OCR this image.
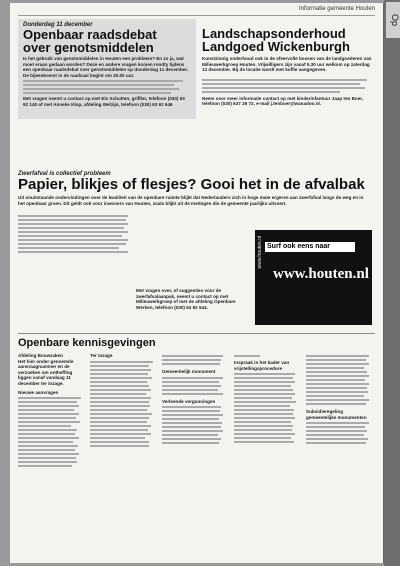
Informatie gemeente Houten
Donderdag 11 december
Openbaar raadsdebat
over genotsmiddelen
Is het gebruik van genotsmiddelen in Houten een probleem? En zo ja, wat moet eraan gedaan worden? Deze en andere vragen komen rondty tijdens een openbaar raadsdebat over genotsmiddelen op donderdag 11 december. De bijeenkomst in de raadzaal begint om 20.00 uur.
Met vragen neemt u contact op met Els Schutten, griffier, telefoon (030) 63 92 140 of met Anneke Klop, afdeling Welzijn, telefoon (030) 63 92 646
Landschapsonderhoud
Landgoed Wickenburgh
Kunstzinnig onderhoud ook in de sfeervolle bossen van de landgoederen van Milieuwerkgroep Houten. Vrijwilligers zijn vanaf 9.30 uur welkom op zaterdag 13 december. Bij de locatie wordt met koffie aangegeven.
Neem voor meer informatie contact op met kinderinfantuur Jaap ten Boer, telefoon (030) 637 29 72, e-mail j.tenboer@wanadoo.nl.
Zwerfafval is collectief probleem
Papier, blikjes of flesjes? Gooi het in de afvalbak
Uit onuitstaande ondervindingen over de kwaliteit van de openbare ruimte blijkt dat Nederlanders zich in hoge mate ergeren aan zwerfafval langs de weg en in het openbaar groen. Dit geldt ook voor inwoners van Houten, zoals blijkt uit de metingen die de gemeente jaarlijks uitvoert.
Met vragen over, of suggesties voor de zwerfafvalaanpak, neemt u contact op met Milieuwerkgroep of met de afdeling Openbare Werken, telefoon (030) 63 92 544.
www.houten.nl Surf ook eens naar
www.houten.nl
Openbare kennisgevingen
Afdeling Bouwzaken
Het hier onder genoemde aanvraagnummer en de verzoeken om ontheffing liggen vanaf vandaag 11 december ter inzage.
Nieuwe aanvragen
Ter inzage
Gemeentelijk monument
Verleende vergunningen
Inspraak in het kader van vrijstellingsprocedure
Subsidieregeling gemeentelijke monumenten
Op
